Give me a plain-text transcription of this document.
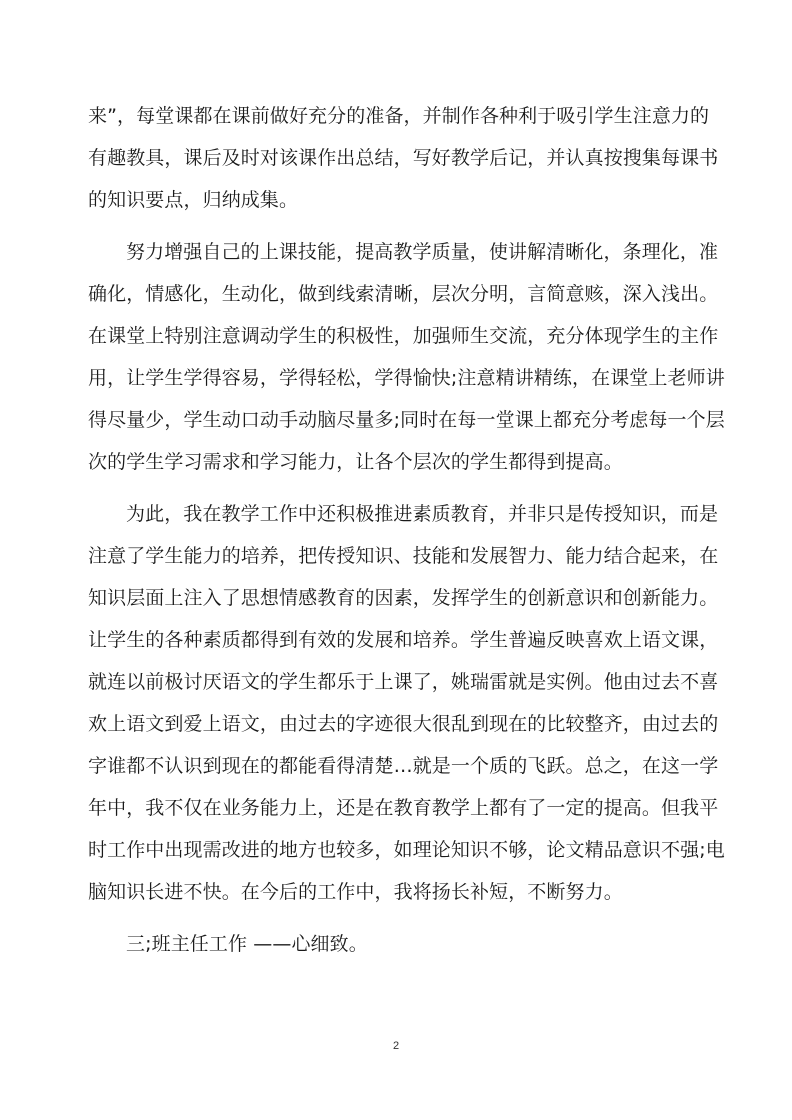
来”，每堂课都在课前做好充分的准备，并制作各种利于吸引学生注意力的
有趣教具，课后及时对该课作出总结，写好教学后记，并认真按搜集每课书
的知识要点，归纳成集。
努力增强自己的上课技能，提高教学质量，使讲解清晰化，条理化，准
确化，情感化，生动化，做到线索清晰，层次分明，言简意赅，深入浅出。
在课堂上特别注意调动学生的积极性，加强师生交流，充分体现学生的主作
用，让学生学得容易，学得轻松，学得愉快;注意精讲精练，在课堂上老师讲
得尽量少，学生动口动手动脑尽量多;同时在每一堂课上都充分考虑每一个层
次的学生学习需求和学习能力，让各个层次的学生都得到提高。
为此，我在教学工作中还积极推进素质教育，并非只是传授知识，而是
注意了学生能力的培养，把传授知识、技能和发展智力、能力结合起来，在
知识层面上注入了思想情感教育的因素，发挥学生的创新意识和创新能力。
让学生的各种素质都得到有效的发展和培养。学生普遍反映喜欢上语文课，
就连以前极讨厌语文的学生都乐于上课了，姚瑞雷就是实例。他由过去不喜
欢上语文到爱上语文，由过去的字迹很大很乱到现在的比较整齐，由过去的
字谁都不认识到现在的都能看得清楚…就是一个质的飞跃。总之，在这一学
年中，我不仅在业务能力上，还是在教育教学上都有了一定的提高。但我平
时工作中出现需改进的地方也较多，如理论知识不够，论文精品意识不强;电
脑知识长进不快。在今后的工作中，我将扬长补短，不断努力。
三;班主任工作 ——心细致。
2
